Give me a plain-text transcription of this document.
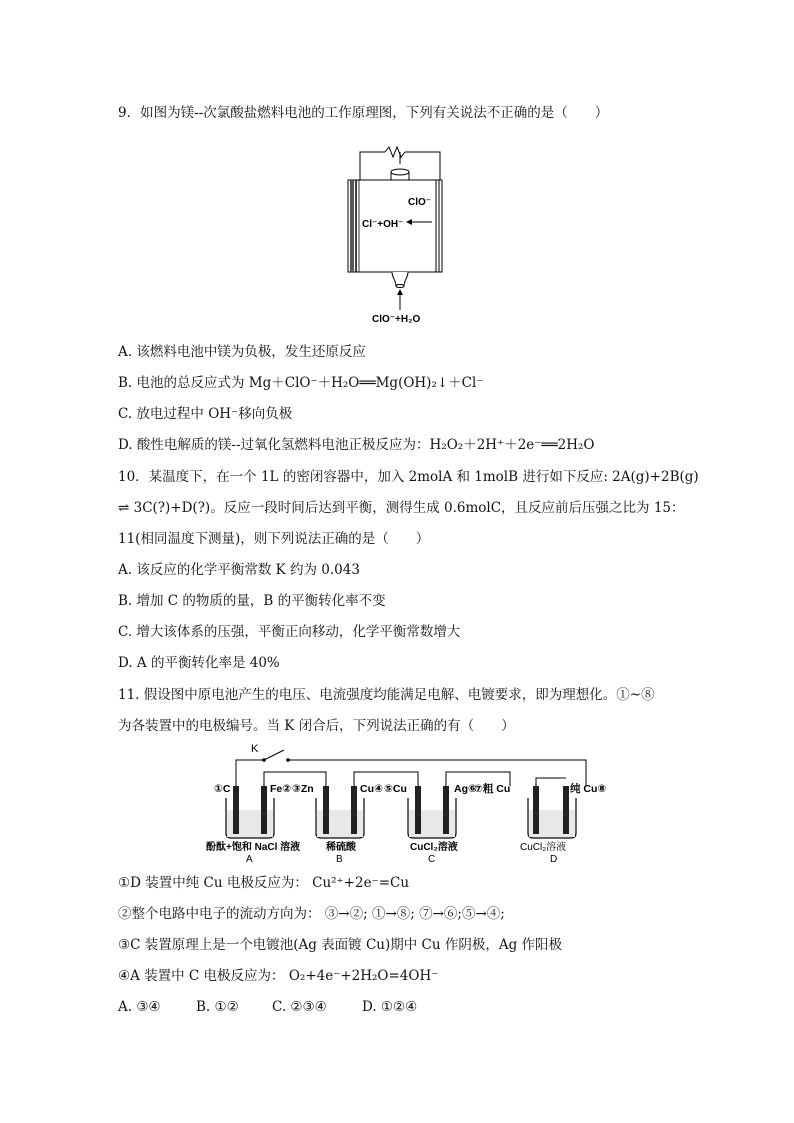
9．如图为镁--次氯酸盐燃料电池的工作原理图，下列有关说法不正确的是（　　）
ClO⁻
Cl⁻+OH⁻
ClO⁻+H₂O
A. 该燃料电池中镁为负极，发生还原反应
B. 电池的总反应式为 Mg＋ClO⁻＋H₂O══Mg(OH)₂↓＋Cl⁻
C. 放电过程中 OH⁻移向负极
D. 酸性电解质的镁--过氧化氢燃料电池正极反应为：H₂O₂＋2H⁺＋2e⁻══2H₂O
10．某温度下，在一个 1L 的密闭容器中，加入 2molA 和 1molB 进行如下反应: 2A(g)+2B(g)
⇌ 3C(?)+D(?)。反应一段时间后达到平衡，测得生成 0.6molC，且反应前后压强之比为 15：
11(相同温度下测量)，则下列说法正确的是（　　）
A. 该反应的化学平衡常数 K 约为 0.043
B. 增加 C 的物质的量，B 的平衡转化率不变
C. 增大该体系的压强，平衡正向移动，化学平衡常数增大
D. A 的平衡转化率是 40%
11. 假设图中原电池产生的电压、电流强度均能满足电解、电镀要求，即为理想化。①~⑧
为各装置中的电极编号。当 K 闭合后，下列说法正确的有（　　）
K
①C	Fe② ③Zn	Cu④ ⑤Cu	Ag⑥
⑦粗 Cu	纯 Cu⑧
酚酞+饱和 NaCl 溶液	稀硫酸	CuCl₂溶液	CuCl₂溶液
A	B	C	D
①D 装置中纯 Cu 电极反应为： Cu²⁺+2e⁻=Cu
②整个电路中电子的流动方向为： ③→②; ①→⑧; ⑦→⑥;⑤→④;
③C 装置原理上是一个电镀池(Ag 表面镀 Cu)期中 Cu 作阴极，Ag 作阳极
④A 装置中 C 电极反应为： O₂+4e⁻+2H₂O=4OH⁻
A. ③④	B. ①② C. ②③④	D. ①②④
